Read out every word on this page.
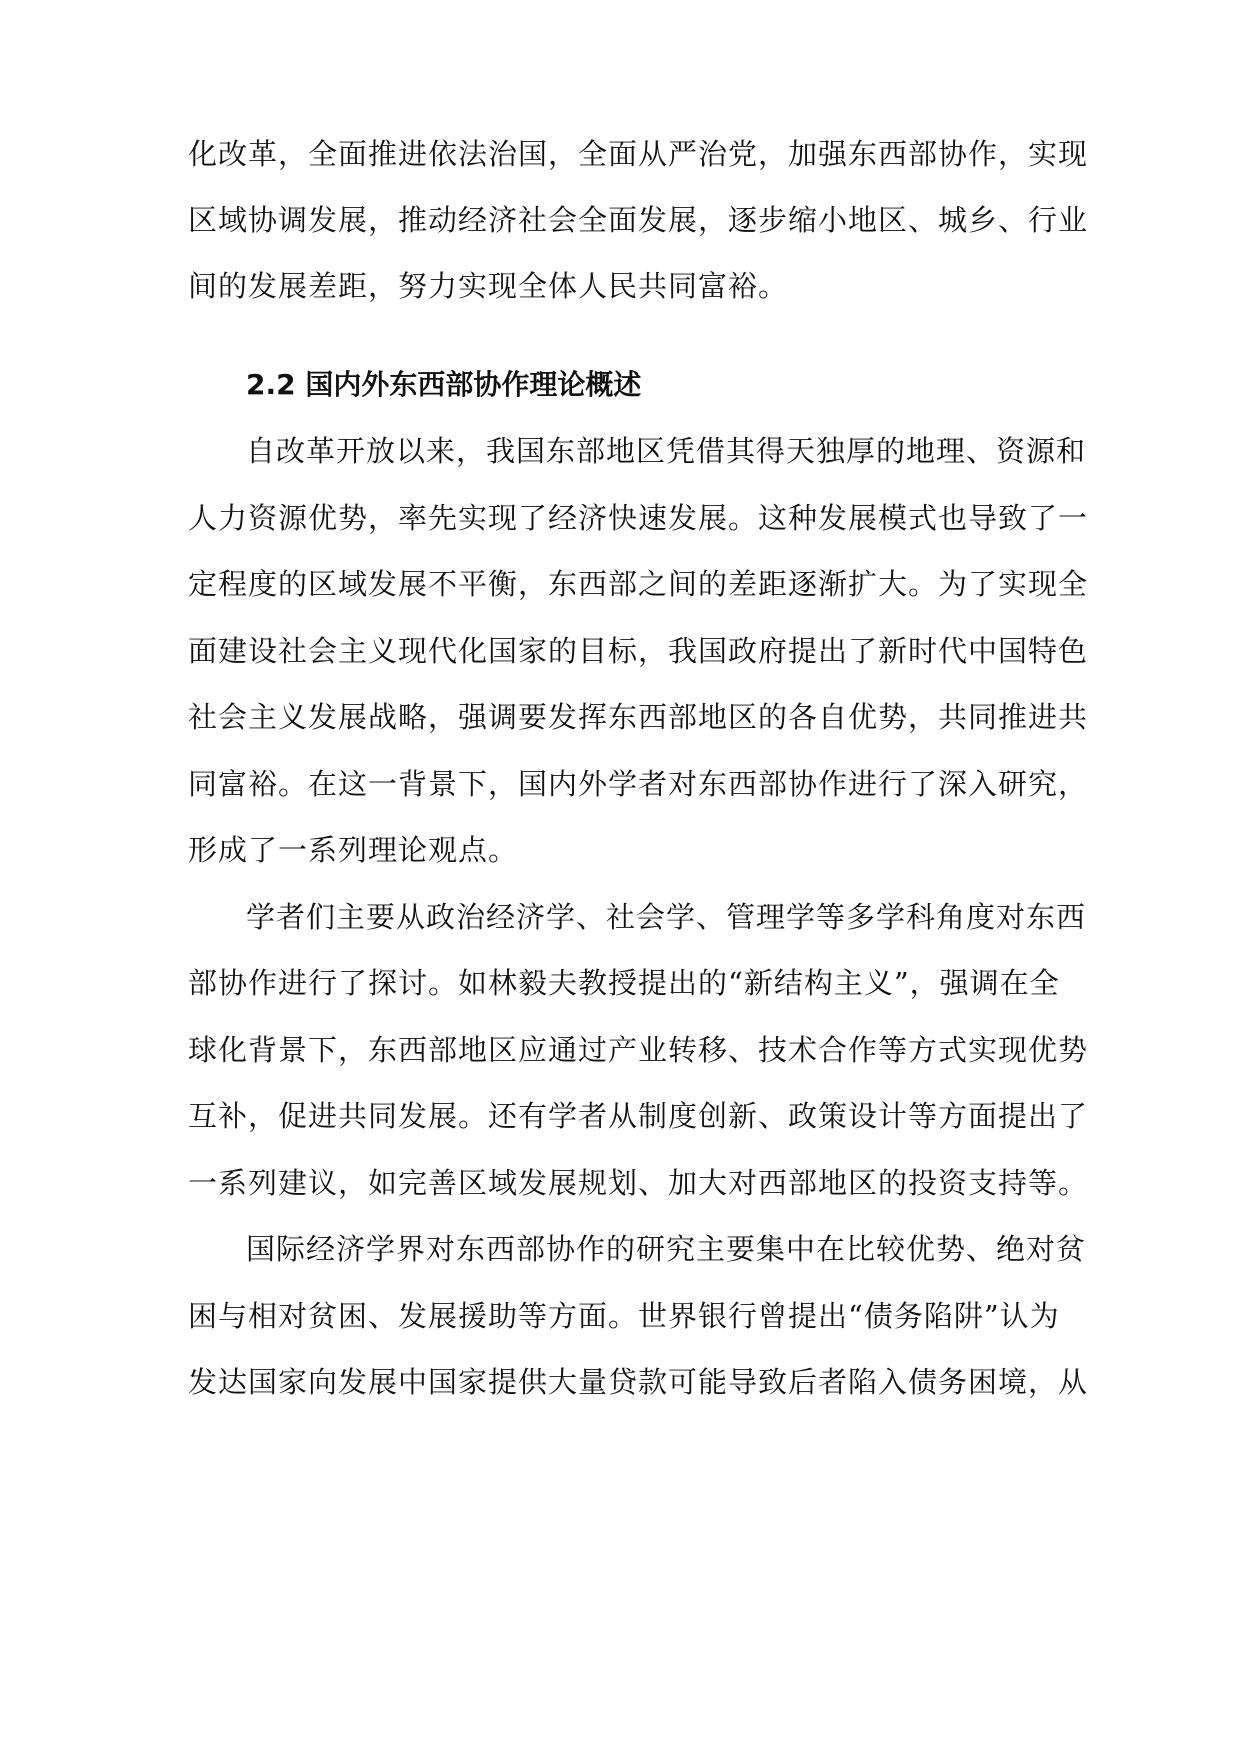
化改革，全面推进依法治国，全面从严治党，加强东西部协作，实现
区域协调发展，推动经济社会全面发展，逐步缩小地区、城乡、行业
间的发展差距，努力实现全体人民共同富裕。
2.2 国内外东西部协作理论概述
自改革开放以来，我国东部地区凭借其得天独厚的地理、资源和
人力资源优势，率先实现了经济快速发展。这种发展模式也导致了一
定程度的区域发展不平衡，东西部之间的差距逐渐扩大。为了实现全
面建设社会主义现代化国家的目标，我国政府提出了新时代中国特色
社会主义发展战略，强调要发挥东西部地区的各自优势，共同推进共
同富裕。在这一背景下，国内外学者对东西部协作进行了深入研究，
形成了一系列理论观点。
学者们主要从政治经济学、社会学、管理学等多学科角度对东西
部协作进行了探讨。如林毅夫教授提出的“新结构主义”，强调在全
球化背景下，东西部地区应通过产业转移、技术合作等方式实现优势
互补，促进共同发展。还有学者从制度创新、政策设计等方面提出了
一系列建议，如完善区域发展规划、加大对西部地区的投资支持等。
国际经济学界对东西部协作的研究主要集中在比较优势、绝对贫
困与相对贫困、发展援助等方面。世界银行曾提出“债务陷阱”认为
发达国家向发展中国家提供大量贷款可能导致后者陷入债务困境，从
